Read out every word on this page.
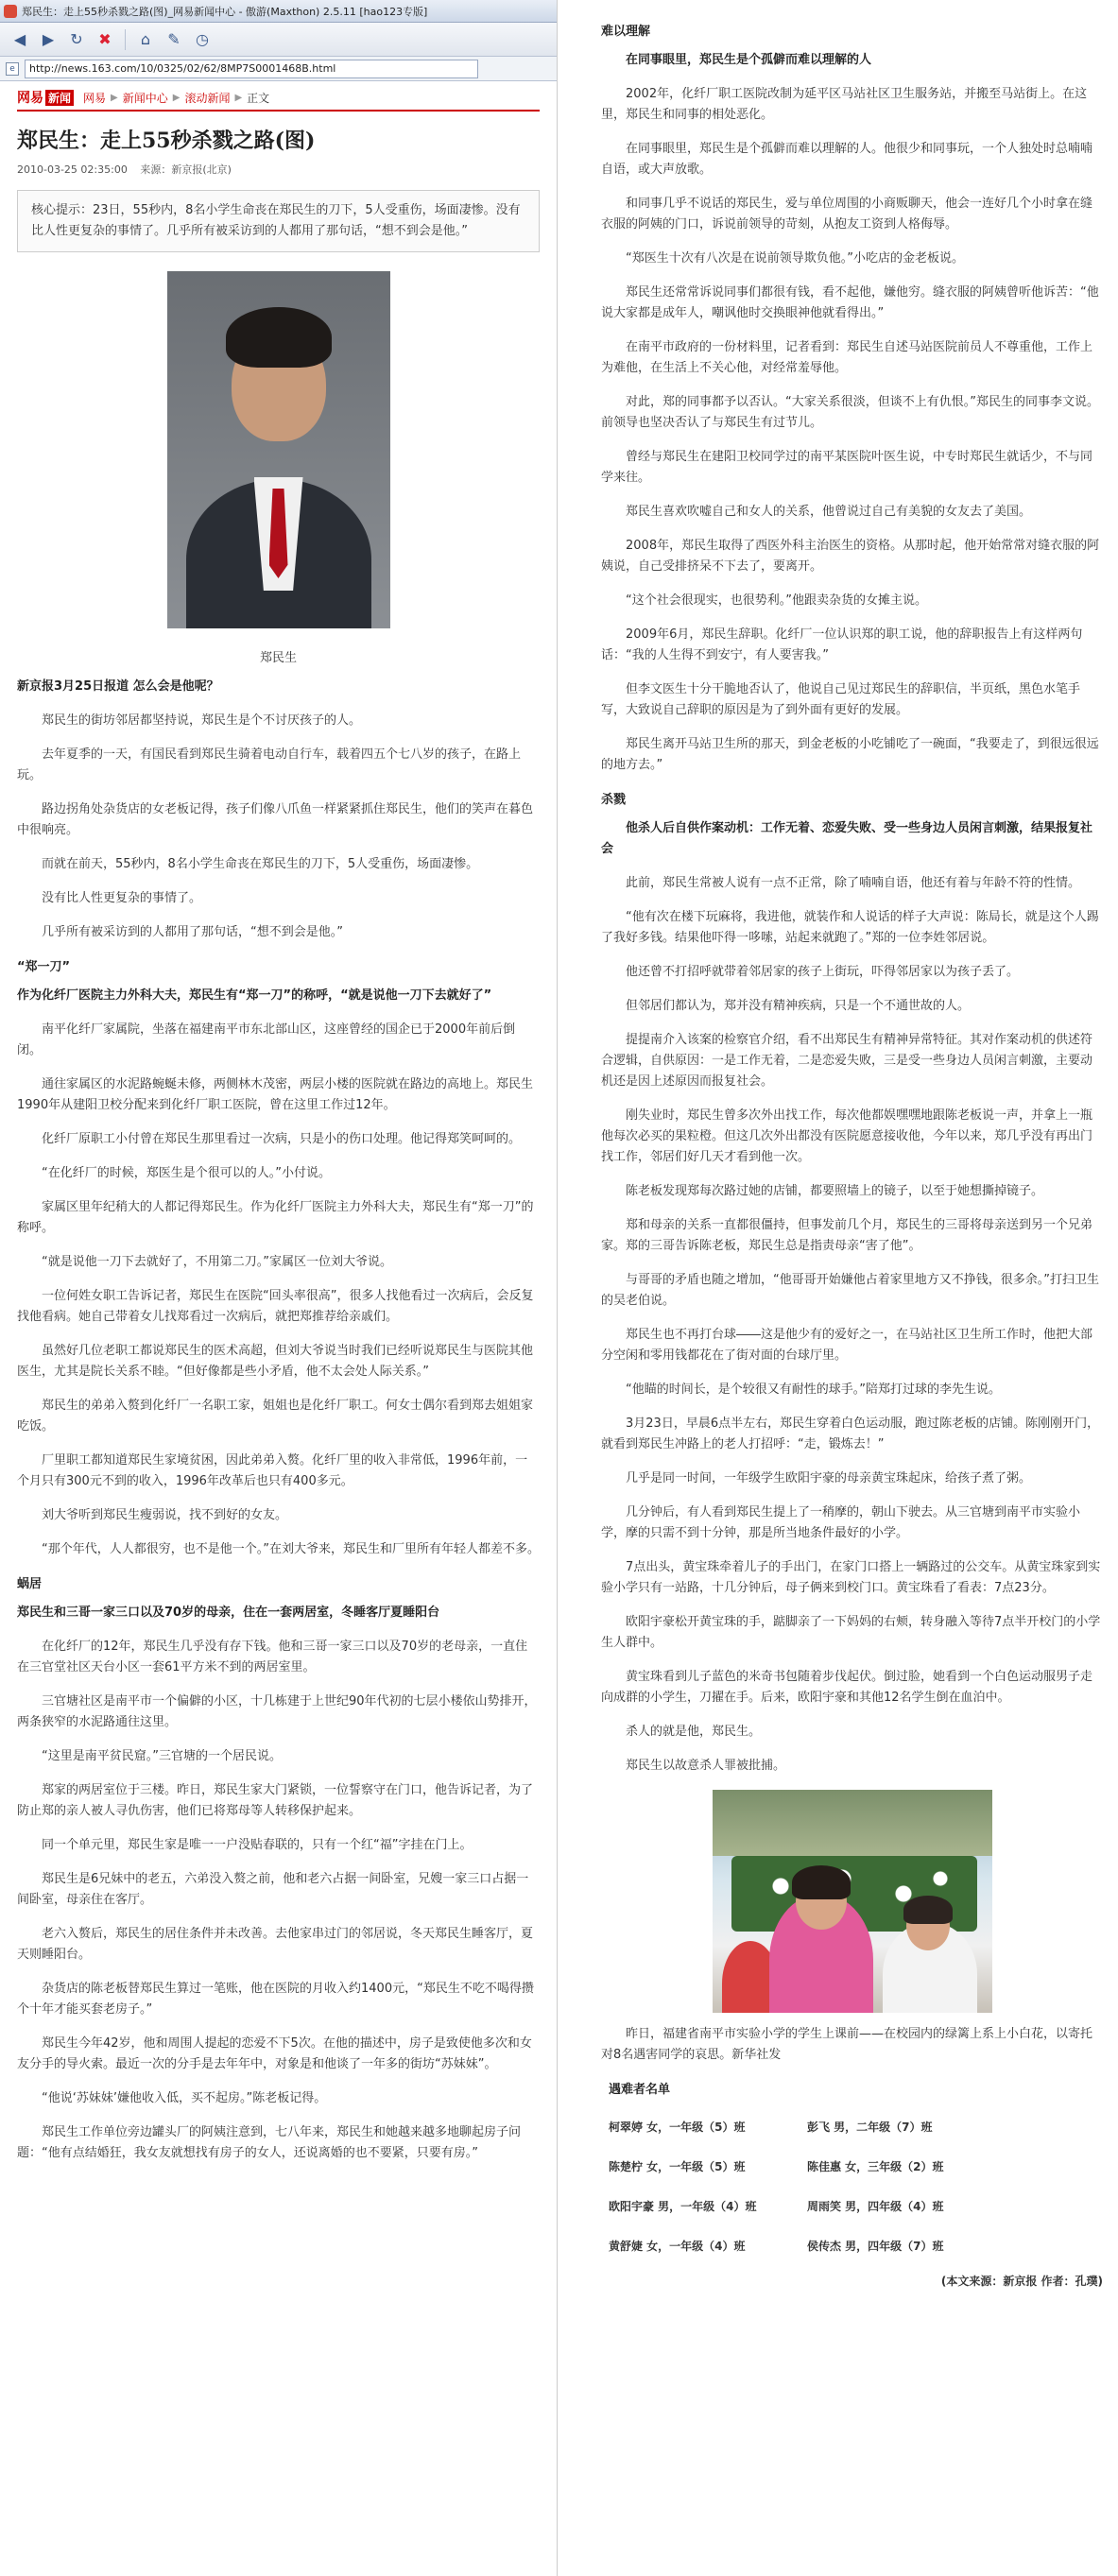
郑民生：走上55秒杀戮之路(图)_网易新闻中心 - 傲游(Maxthon) 2.5.11 [hao123专版]
◀	▶	↻	✖	⌂	✎	◷
e
http://news.163.com/10/0325/02/62/8MP7S0001468B.html
网易 新闻 网易 ▶ 新闻中心 ▶ 滚动新闻 ▶ 正文
郑民生：走上55秒杀戮之路(图)
2010-03-25 02:35:00 来源：新京报(北京)
核心提示：23日，55秒内，8名小学生命丧在郑民生的刀下，5人受重伤，场面凄惨。没有比人性更复杂的事情了。几乎所有被采访到的人都用了那句话，“想不到会是他。”
郑民生
新京报3月25日报道 怎么会是他呢？
郑民生的街坊邻居都坚持说，郑民生是个不讨厌孩子的人。
去年夏季的一天，有国民看到郑民生骑着电动自行车，载着四五个七八岁的孩子，在路上玩。
路边拐角处杂货店的女老板记得，孩子们像八爪鱼一样紧紧抓住郑民生，他们的笑声在暮色中很响亮。
而就在前天，55秒内，8名小学生命丧在郑民生的刀下，5人受重伤，场面凄惨。
没有比人性更复杂的事情了。
几乎所有被采访到的人都用了那句话，“想不到会是他。”
“郑一刀”
作为化纤厂医院主力外科大夫，郑民生有“郑一刀”的称呼，“就是说他一刀下去就好了”
南平化纤厂家属院，坐落在福建南平市东北部山区，这座曾经的国企已于2000年前后倒闭。
通往家属区的水泥路蜿蜒未修，两侧林木茂密，两层小楼的医院就在路边的高地上。郑民生1990年从建阳卫校分配来到化纤厂职工医院，曾在这里工作过12年。
化纤厂原职工小付曾在郑民生那里看过一次病，只是小的伤口处理。他记得郑笑呵呵的。
“在化纤厂的时候，郑医生是个很可以的人。”小付说。
家属区里年纪稍大的人都记得郑民生。作为化纤厂医院主力外科大夫，郑民生有“郑一刀”的称呼。
“就是说他一刀下去就好了，不用第二刀。”家属区一位刘大爷说。
一位何姓女职工告诉记者，郑民生在医院“回头率很高”，很多人找他看过一次病后，会反复找他看病。她自己带着女儿找郑看过一次病后，就把郑推荐给亲戚们。
虽然好几位老职工都说郑民生的医术高超，但刘大爷说当时我们已经听说郑民生与医院其他医生，尤其是院长关系不睦。“但好像都是些小矛盾，他不太会处人际关系。”
郑民生的弟弟入赘到化纤厂一名职工家，姐姐也是化纤厂职工。何女士偶尔看到郑去姐姐家吃饭。
厂里职工都知道郑民生家境贫困，因此弟弟入赘。化纤厂里的收入非常低，1996年前，一个月只有300元不到的收入，1996年改革后也只有400多元。
刘大爷听到郑民生瘦弱说，找不到好的女友。
“那个年代，人人都很穷，也不是他一个。”在刘大爷来，郑民生和厂里所有年轻人都差不多。
蜗居
郑民生和三哥一家三口以及70岁的母亲，住在一套两居室，冬睡客厅夏睡阳台
在化纤厂的12年，郑民生几乎没有存下钱。他和三哥一家三口以及70岁的老母亲，一直住在三官堂社区天台小区一套61平方米不到的两居室里。
三官塘社区是南平市一个偏僻的小区，十几栋建于上世纪90年代初的七层小楼依山势排开，两条狭窄的水泥路通往这里。
“这里是南平贫民窟。”三官塘的一个居民说。
郑家的两居室位于三楼。昨日，郑民生家大门紧锁，一位誓察守在门口，他告诉记者，为了防止郑的亲人被人寻仇伤害，他们已将郑母等人转移保护起来。
同一个单元里，郑民生家是唯一一户没贴春联的，只有一个红“福”字挂在门上。
郑民生是6兄妹中的老五，六弟没入赘之前，他和老六占据一间卧室，兄嫂一家三口占据一间卧室，母亲住在客厅。
老六入赘后，郑民生的居住条件并未改善。去他家串过门的邻居说，冬天郑民生睡客厅，夏天则睡阳台。
杂货店的陈老板替郑民生算过一笔账，他在医院的月收入约1400元，“郑民生不吃不喝得攒个十年才能买套老房子。”
郑民生今年42岁，他和周围人提起的恋爱不下5次。在他的描述中，房子是致使他多次和女友分手的导火索。最近一次的分手是去年年中，对象是和他谈了一年多的街坊“苏妹妹”。
“他说‘苏妹妹’嫌他收入低，买不起房。”陈老板记得。
郑民生工作单位旁边罐头厂的阿姨注意到，七八年来，郑民生和她越来越多地聊起房子问题：“他有点结婚狂，我女友就想找有房子的女人，还说离婚的也不要紧，只要有房。”
难以理解
在同事眼里，郑民生是个孤僻而难以理解的人
2002年，化纤厂职工医院改制为延平区马站社区卫生服务站，并搬至马站街上。在这里，郑民生和同事的相处恶化。
在同事眼里，郑民生是个孤僻而难以理解的人。他很少和同事玩，一个人独处时总喃喃自语，或大声放歌。
和同事几乎不说话的郑民生，爱与单位周围的小商贩聊天，他会一连好几个小时拿在缝衣服的阿姨的门口，诉说前领导的苛刻，从抱友工资到人格侮辱。
“郑医生十次有八次是在说前领导欺负他。”小吃店的金老板说。
郑民生还常常诉说同事们都很有钱，看不起他，嫌他穷。缝衣服的阿姨曾听他诉苦：“他说大家都是成年人，嘲讽他时交换眼神他就看得出。”
在南平市政府的一份材料里，记者看到：郑民生自述马站医院前员人不尊重他，工作上为难他，在生活上不关心他，对经常羞辱他。
对此，郑的同事都予以否认。“大家关系很淡，但谈不上有仇恨。”郑民生的同事李文说。前领导也坚决否认了与郑民生有过节儿。
曾经与郑民生在建阳卫校同学过的南平某医院叶医生说，中专时郑民生就话少，不与同学来往。
郑民生喜欢吹嘘自己和女人的关系，他曾说过自己有美貌的女友去了美国。
2008年，郑民生取得了西医外科主治医生的资格。从那时起，他开始常常对缝衣服的阿姨说，自己受排挤呆不下去了，要离开。
“这个社会很现实，也很势利。”他跟卖杂货的女摊主说。
2009年6月，郑民生辞职。化纤厂一位认识郑的职工说，他的辞职报告上有这样两句话：“我的人生得不到安宁，有人要害我。”
但李文医生十分干脆地否认了，他说自己见过郑民生的辞职信，半页纸，黑色水笔手写，大致说自己辞职的原因是为了到外面有更好的发展。
郑民生离开马站卫生所的那天，到金老板的小吃铺吃了一碗面，“我要走了，到很远很远的地方去。”
杀戮
他杀人后自供作案动机：工作无着、恋爱失败、受一些身边人员闲言刺激，结果报复社会
此前，郑民生常被人说有一点不正常，除了喃喃自语，他还有着与年龄不符的性情。
“他有次在楼下玩麻将，我进他，就装作和人说话的样子大声说：陈局长，就是这个人踢了我好多钱。结果他吓得一哆嗦，站起来就跑了。”郑的一位李姓邻居说。
他还曾不打招呼就带着邻居家的孩子上街玩，吓得邻居家以为孩子丢了。
但邻居们都认为，郑并没有精神疾病，只是一个不通世故的人。
提提南介入该案的检察官介绍，看不出郑民生有精神异常特征。其对作案动机的供述符合逻辑，自供原因：一是工作无着，二是恋爱失败，三是受一些身边人员闲言刺激，主要动机还是因上述原因而报复社会。
刚失业时，郑民生曾多次外出找工作，每次他都娱嘿嘿地跟陈老板说一声，并拿上一瓶他每次必买的果粒橙。但这几次外出都没有医院愿意接收他，今年以来，郑几乎没有再出门找工作，邻居们好几天才看到他一次。
陈老板发现郑每次路过她的店铺，都要照墙上的镜子，以至于她想撕掉镜子。
郑和母亲的关系一直都很僵持，但事发前几个月，郑民生的三哥将母亲送到另一个兄弟家。郑的三哥告诉陈老板，郑民生总是指责母亲“害了他”。
与哥哥的矛盾也随之增加，“他哥哥开始嫌他占着家里地方又不挣钱，很多余。”打扫卫生的吴老伯说。
郑民生也不再打台球――这是他少有的爱好之一，在马站社区卫生所工作时，他把大部分空闲和零用钱都花在了街对面的台球厅里。
“他瞄的时间长，是个较很又有耐性的球手。”陪郑打过球的李先生说。
3月23日，早晨6点半左右，郑民生穿着白色运动服，跑过陈老板的店铺。陈刚刚开门，就看到郑民生冲路上的老人打招呼：“走，锻炼去！”
几乎是同一时间，一年级学生欧阳宇豪的母亲黄宝珠起床，给孩子煮了粥。
几分钟后，有人看到郑民生提上了一稍摩的，朝山下驶去。从三官塘到南平市实验小学，摩的只需不到十分钟，那是所当地条件最好的小学。
7点出头，黄宝珠牵着儿子的手出门，在家门口搭上一辆路过的公交车。从黄宝珠家到实验小学只有一站路，十几分钟后，母子俩来到校门口。黄宝珠看了看表：7点23分。
欧阳宇豪松开黄宝珠的手，踮脚亲了一下妈妈的右颊，转身融入等待7点半开校门的小学生人群中。
黄宝珠看到儿子蓝色的米奇书包随着步伐起伏。倒过脸，她看到一个白色运动服男子走向成群的小学生，刀擢在手。后来，欧阳宇豪和其他12名学生倒在血泊中。
杀人的就是他，郑民生。
郑民生以故意杀人罪被批捕。
昨日，福建省南平市实验小学的学生上课前——在校园内的绿篱上系上小白花，以寄托对8名遇害同学的哀思。新华社发
遇难者名单
柯翠婷 女，一年级（5）班	彭飞 男，二年级（7）班
陈楚柠 女，一年级（5）班	陈佳惠 女，三年级（2）班
欧阳宇豪 男，一年级（4）班	周雨笑 男，四年级（4）班
黄舒婕 女，一年级（4）班	侯传杰 男，四年级（7）班
(本文来源：新京报 作者：孔璞)
